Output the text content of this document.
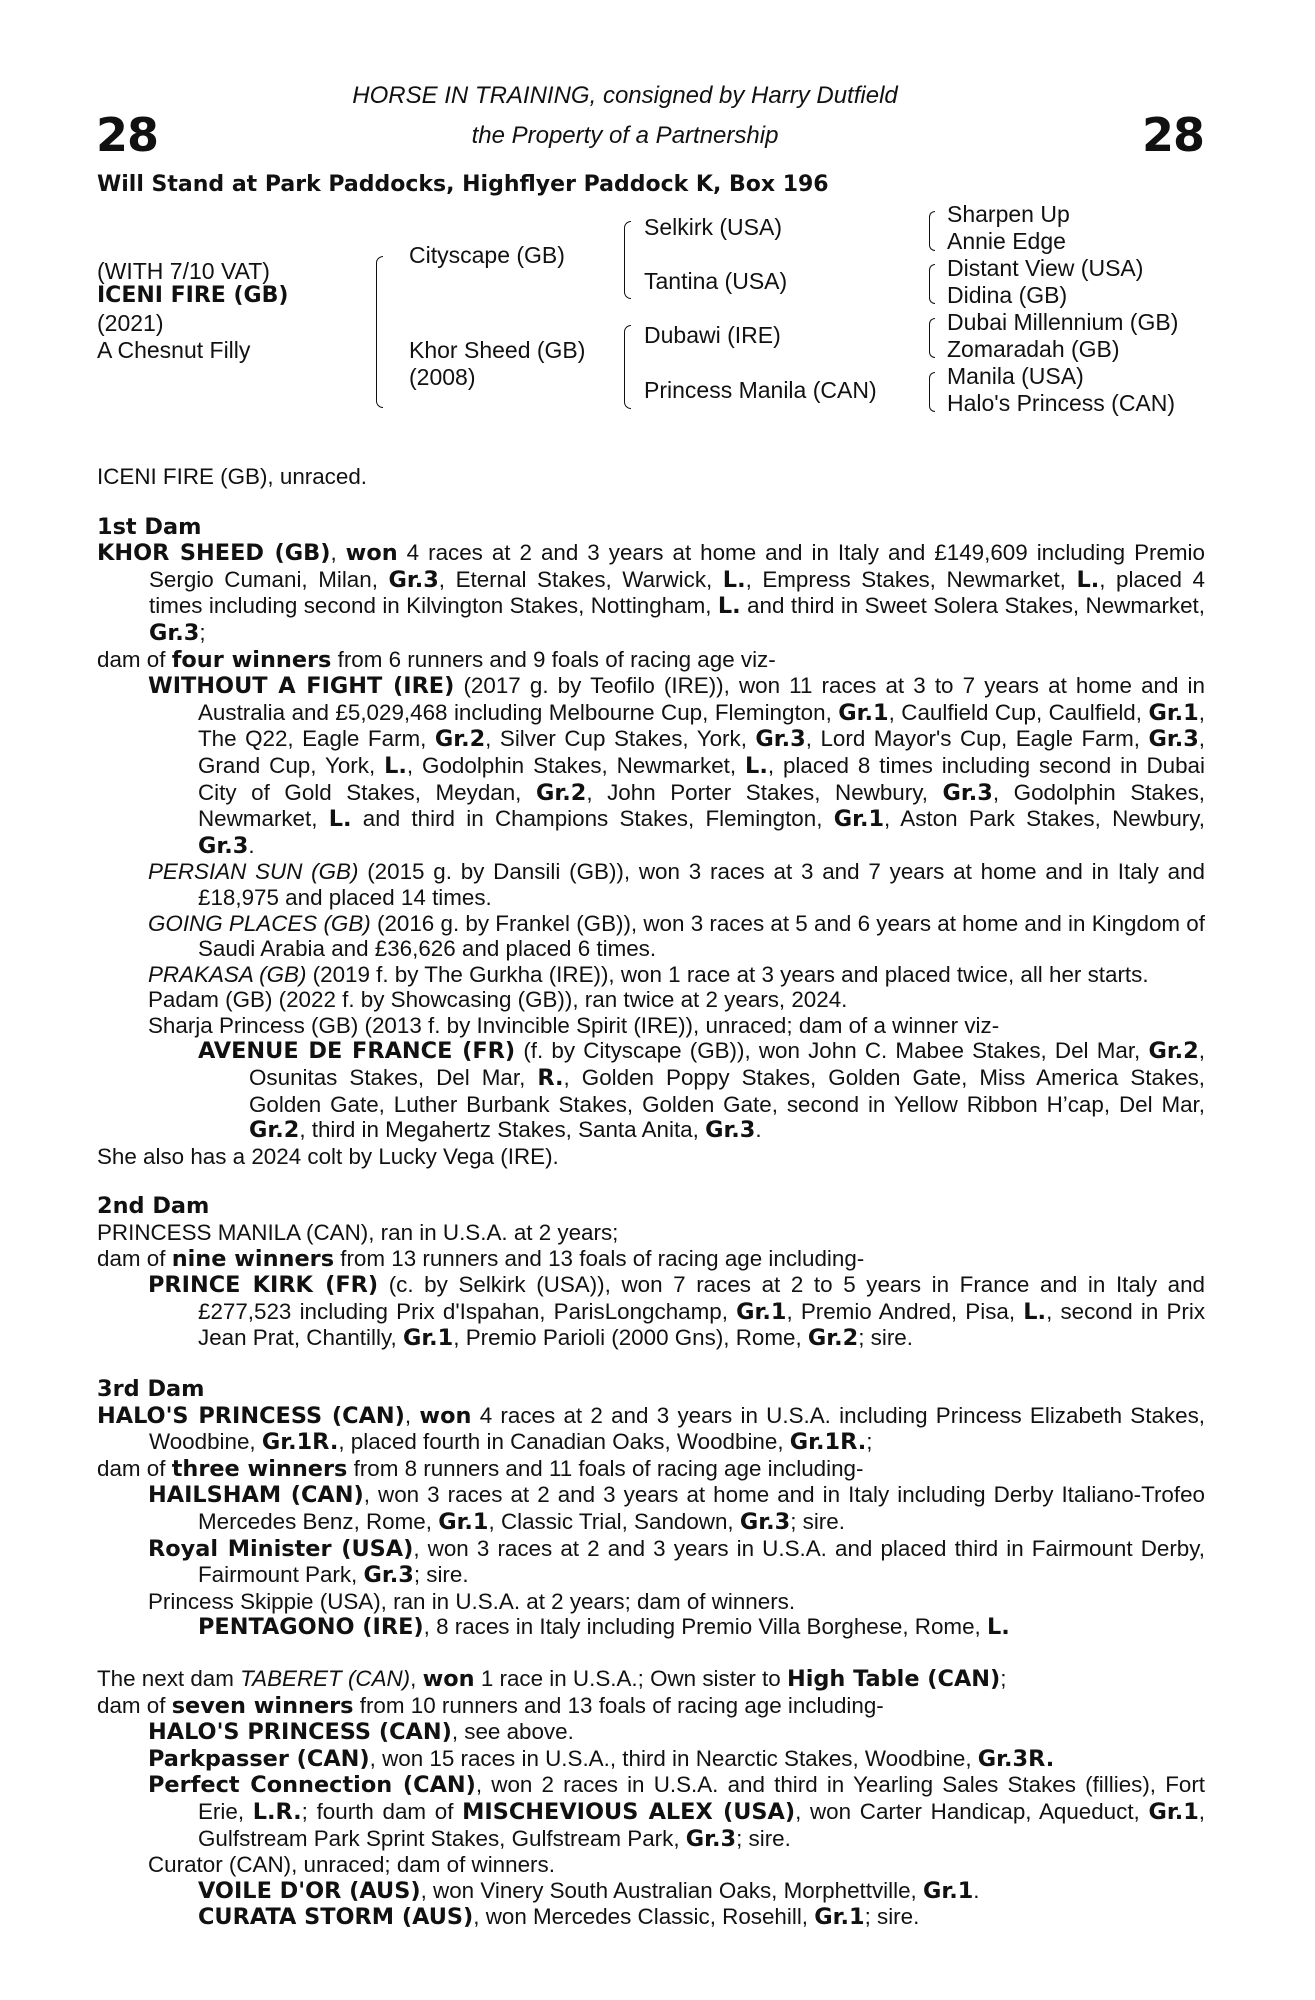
28	28
HORSE IN TRAINING, consigned by Harry Dutfield
the Property of a Partnership
Will Stand at Park Paddocks, Highflyer Paddock K, Box 196
(WITH 7/10 VAT)
ICENI FIRE (GB)
(2021)
A Chesnut Filly
Cityscape (GB)
Khor Sheed (GB)
(2008)
Selkirk (USA)
Tantina (USA)
Dubawi (IRE)
Princess Manila (CAN)
Sharpen Up
Annie Edge
Distant View (USA)
Didina (GB)
Dubai Millennium (GB)
Zomaradah (GB)
Manila (USA)
Halo's Princess (CAN)
ICENI FIRE (GB), unraced.
1st Dam
KHOR SHEED (GB), won 4 races at 2 and 3 years at home and in Italy and £149,609 including Premio Sergio Cumani, Milan, Gr.3, Eternal Stakes, Warwick, L., Empress Stakes, Newmarket, L., placed 4 times including second in Kilvington Stakes, Nottingham, L. and third in Sweet Solera Stakes, Newmarket, Gr.3;
dam of four winners from 6 runners and 9 foals of racing age viz-
WITHOUT A FIGHT (IRE) (2017 g. by Teofilo (IRE)), won 11 races at 3 to 7 years at home and in Australia and £5,029,468 including Melbourne Cup, Flemington, Gr.1, Caulfield Cup, Caulfield, Gr.1, The Q22, Eagle Farm, Gr.2, Silver Cup Stakes, York, Gr.3, Lord Mayor's Cup, Eagle Farm, Gr.3, Grand Cup, York, L., Godolphin Stakes, Newmarket, L., placed 8 times including second in Dubai City of Gold Stakes, Meydan, Gr.2, John Porter Stakes, Newbury, Gr.3, Godolphin Stakes, Newmarket, L. and third in Champions Stakes, Flemington, Gr.1, Aston Park Stakes, Newbury, Gr.3.
PERSIAN SUN (GB) (2015 g. by Dansili (GB)), won 3 races at 3 and 7 years at home and in Italy and £18,975 and placed 14 times.
GOING PLACES (GB) (2016 g. by Frankel (GB)), won 3 races at 5 and 6 years at home and in Kingdom of Saudi Arabia and £36,626 and placed 6 times.
PRAKASA (GB) (2019 f. by The Gurkha (IRE)), won 1 race at 3 years and placed twice, all her starts.
Padam (GB) (2022 f. by Showcasing (GB)), ran twice at 2 years, 2024.
Sharja Princess (GB) (2013 f. by Invincible Spirit (IRE)), unraced; dam of a winner viz-
AVENUE DE FRANCE (FR) (f. by Cityscape (GB)), won John C. Mabee Stakes, Del Mar, Gr.2, Osunitas Stakes, Del Mar, R., Golden Poppy Stakes, Golden Gate, Miss America Stakes, Golden Gate, Luther Burbank Stakes, Golden Gate, second in Yellow Ribbon H’cap, Del Mar, Gr.2, third in Megahertz Stakes, Santa Anita, Gr.3.
She also has a 2024 colt by Lucky Vega (IRE).
2nd Dam
PRINCESS MANILA (CAN), ran in U.S.A. at 2 years;
dam of nine winners from 13 runners and 13 foals of racing age including-
PRINCE KIRK (FR) (c. by Selkirk (USA)), won 7 races at 2 to 5 years in France and in Italy and £277,523 including Prix d'Ispahan, ParisLongchamp, Gr.1, Premio Andred, Pisa, L., second in Prix Jean Prat, Chantilly, Gr.1, Premio Parioli (2000 Gns), Rome, Gr.2; sire.
3rd Dam
HALO'S PRINCESS (CAN), won 4 races at 2 and 3 years in U.S.A. including Princess Elizabeth Stakes, Woodbine, Gr.1R., placed fourth in Canadian Oaks, Woodbine, Gr.1R.;
dam of three winners from 8 runners and 11 foals of racing age including-
HAILSHAM (CAN), won 3 races at 2 and 3 years at home and in Italy including Derby Italiano-Trofeo Mercedes Benz, Rome, Gr.1, Classic Trial, Sandown, Gr.3; sire.
Royal Minister (USA), won 3 races at 2 and 3 years in U.S.A. and placed third in Fairmount Derby, Fairmount Park, Gr.3; sire.
Princess Skippie (USA), ran in U.S.A. at 2 years; dam of winners.
PENTAGONO (IRE), 8 races in Italy including Premio Villa Borghese, Rome, L.
The next dam TABERET (CAN), won 1 race in U.S.A.; Own sister to High Table (CAN);
dam of seven winners from 10 runners and 13 foals of racing age including-
HALO'S PRINCESS (CAN), see above.
Parkpasser (CAN), won 15 races in U.S.A., third in Nearctic Stakes, Woodbine, Gr.3R.
Perfect Connection (CAN), won 2 races in U.S.A. and third in Yearling Sales Stakes (fillies), Fort Erie, L.R.; fourth dam of MISCHEVIOUS ALEX (USA), won Carter Handicap, Aqueduct, Gr.1, Gulfstream Park Sprint Stakes, Gulfstream Park, Gr.3; sire.
Curator (CAN), unraced; dam of winners.
VOILE D'OR (AUS), won Vinery South Australian Oaks, Morphettville, Gr.1.
CURATA STORM (AUS), won Mercedes Classic, Rosehill, Gr.1; sire.
